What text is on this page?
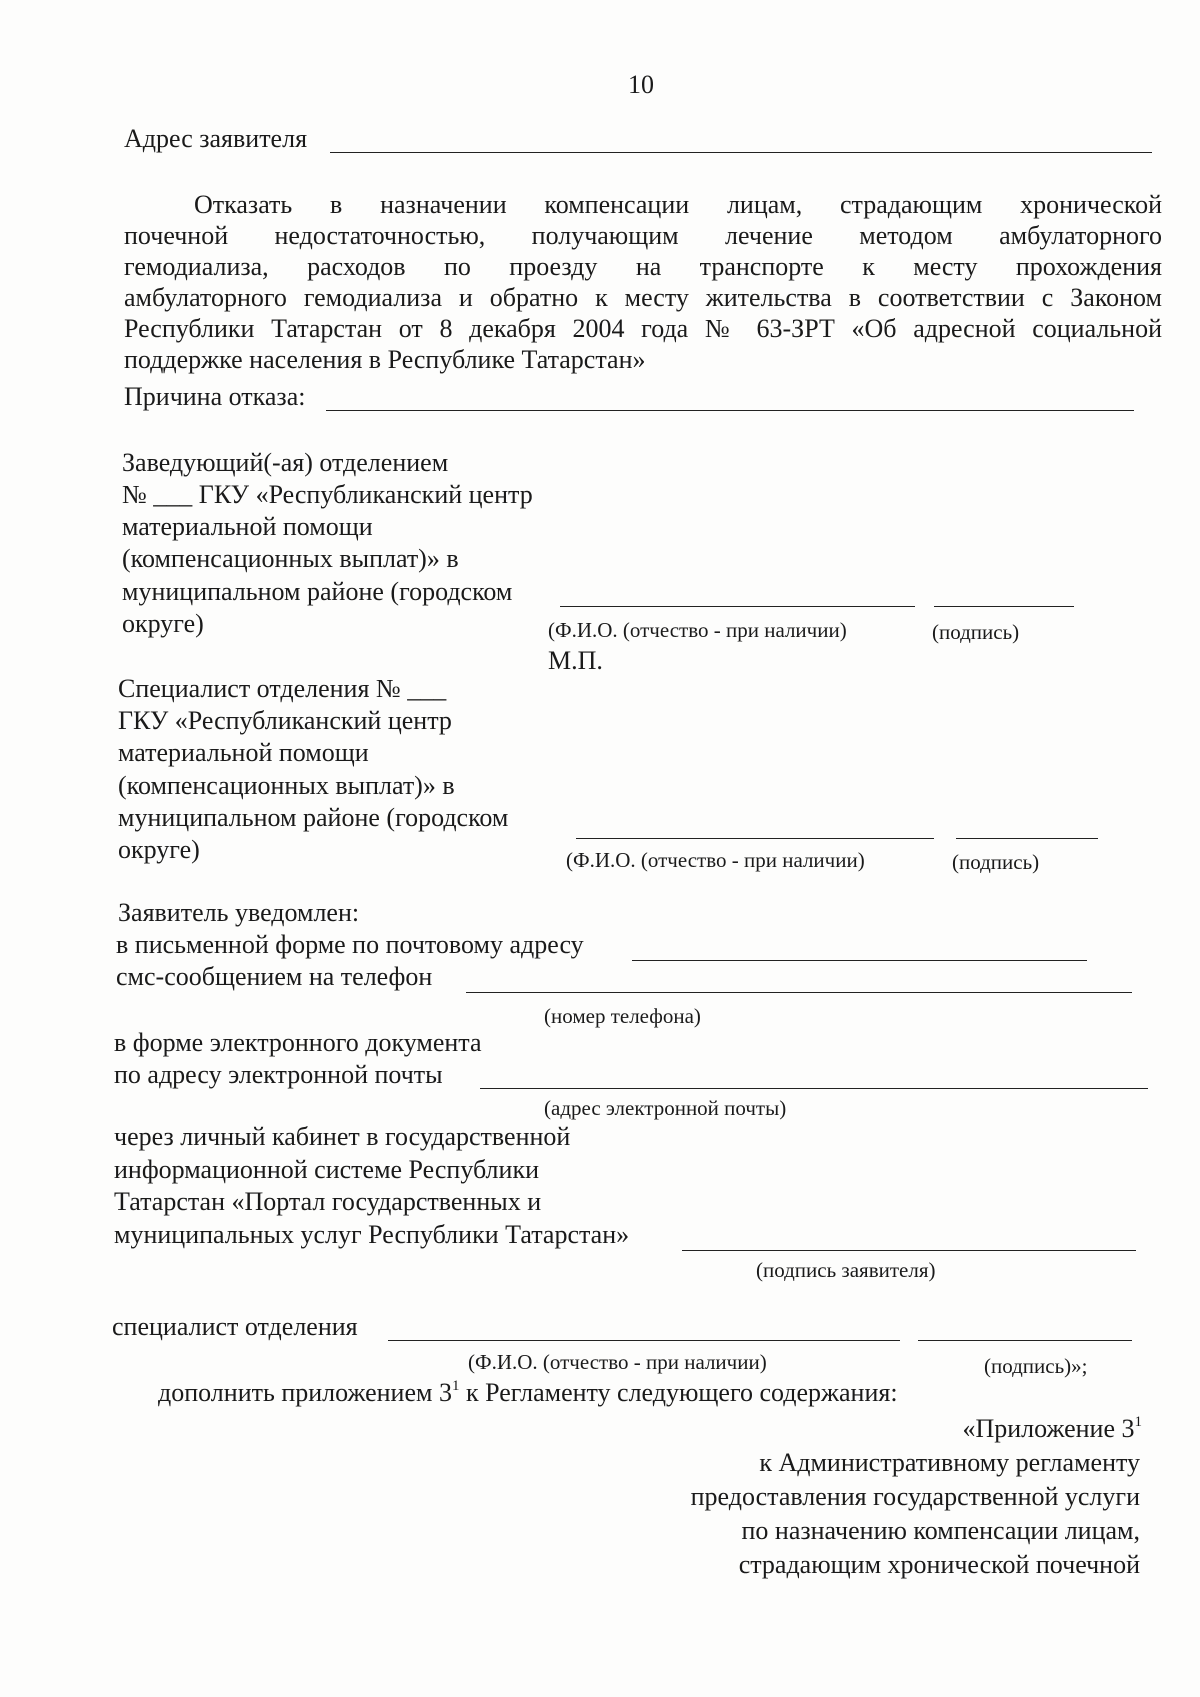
10
Адрес заявителя
Отказать в назначении компенсации лицам, страдающим хронической
почечной недостаточностью, получающим лечение методом амбулаторного
гемодиализа, расходов по проезду на транспорте к месту прохождения
амбулаторного гемодиализа и обратно к месту жительства в соответствии с Законом
Республики Татарстан от 8 декабря 2004 года № 63-ЗРТ «Об адресной социальной
поддержке населения в Республике Татарстан»
Причина отказа:
Заведующий(-ая) отделением
№ ___ ГКУ «Республиканский центр
материальной помощи
(компенсационных выплат)» в
муниципальном районе (городском
округе)	(Ф.И.О. (отчество - при наличии)	(подпись)
М.П.
Специалист отделения № ___
ГКУ «Республиканский центр
материальной помощи
(компенсационных выплат)» в
муниципальном районе (городском
округе)	(Ф.И.О. (отчество - при наличии)	(подпись)
Заявитель уведомлен:
в письменной форме по почтовому адресу
смс-сообщением на телефон
(номер телефона)
в форме электронного документа
по адресу электронной почты
(адрес электронной почты)
через личный кабинет в государственной
информационной системе Республики
Татарстан «Портал государственных и
муниципальных услуг Республики Татарстан»
(подпись заявителя)
специалист отделения
(Ф.И.О. (отчество - при наличии)	(подпись)»;
дополнить приложением $3^1$ к Регламенту следующего содержания:
«Приложение $3^1$
к Административному регламенту
предоставления государственной услуги
по назначению компенсации лицам,
страдающим хронической почечной
